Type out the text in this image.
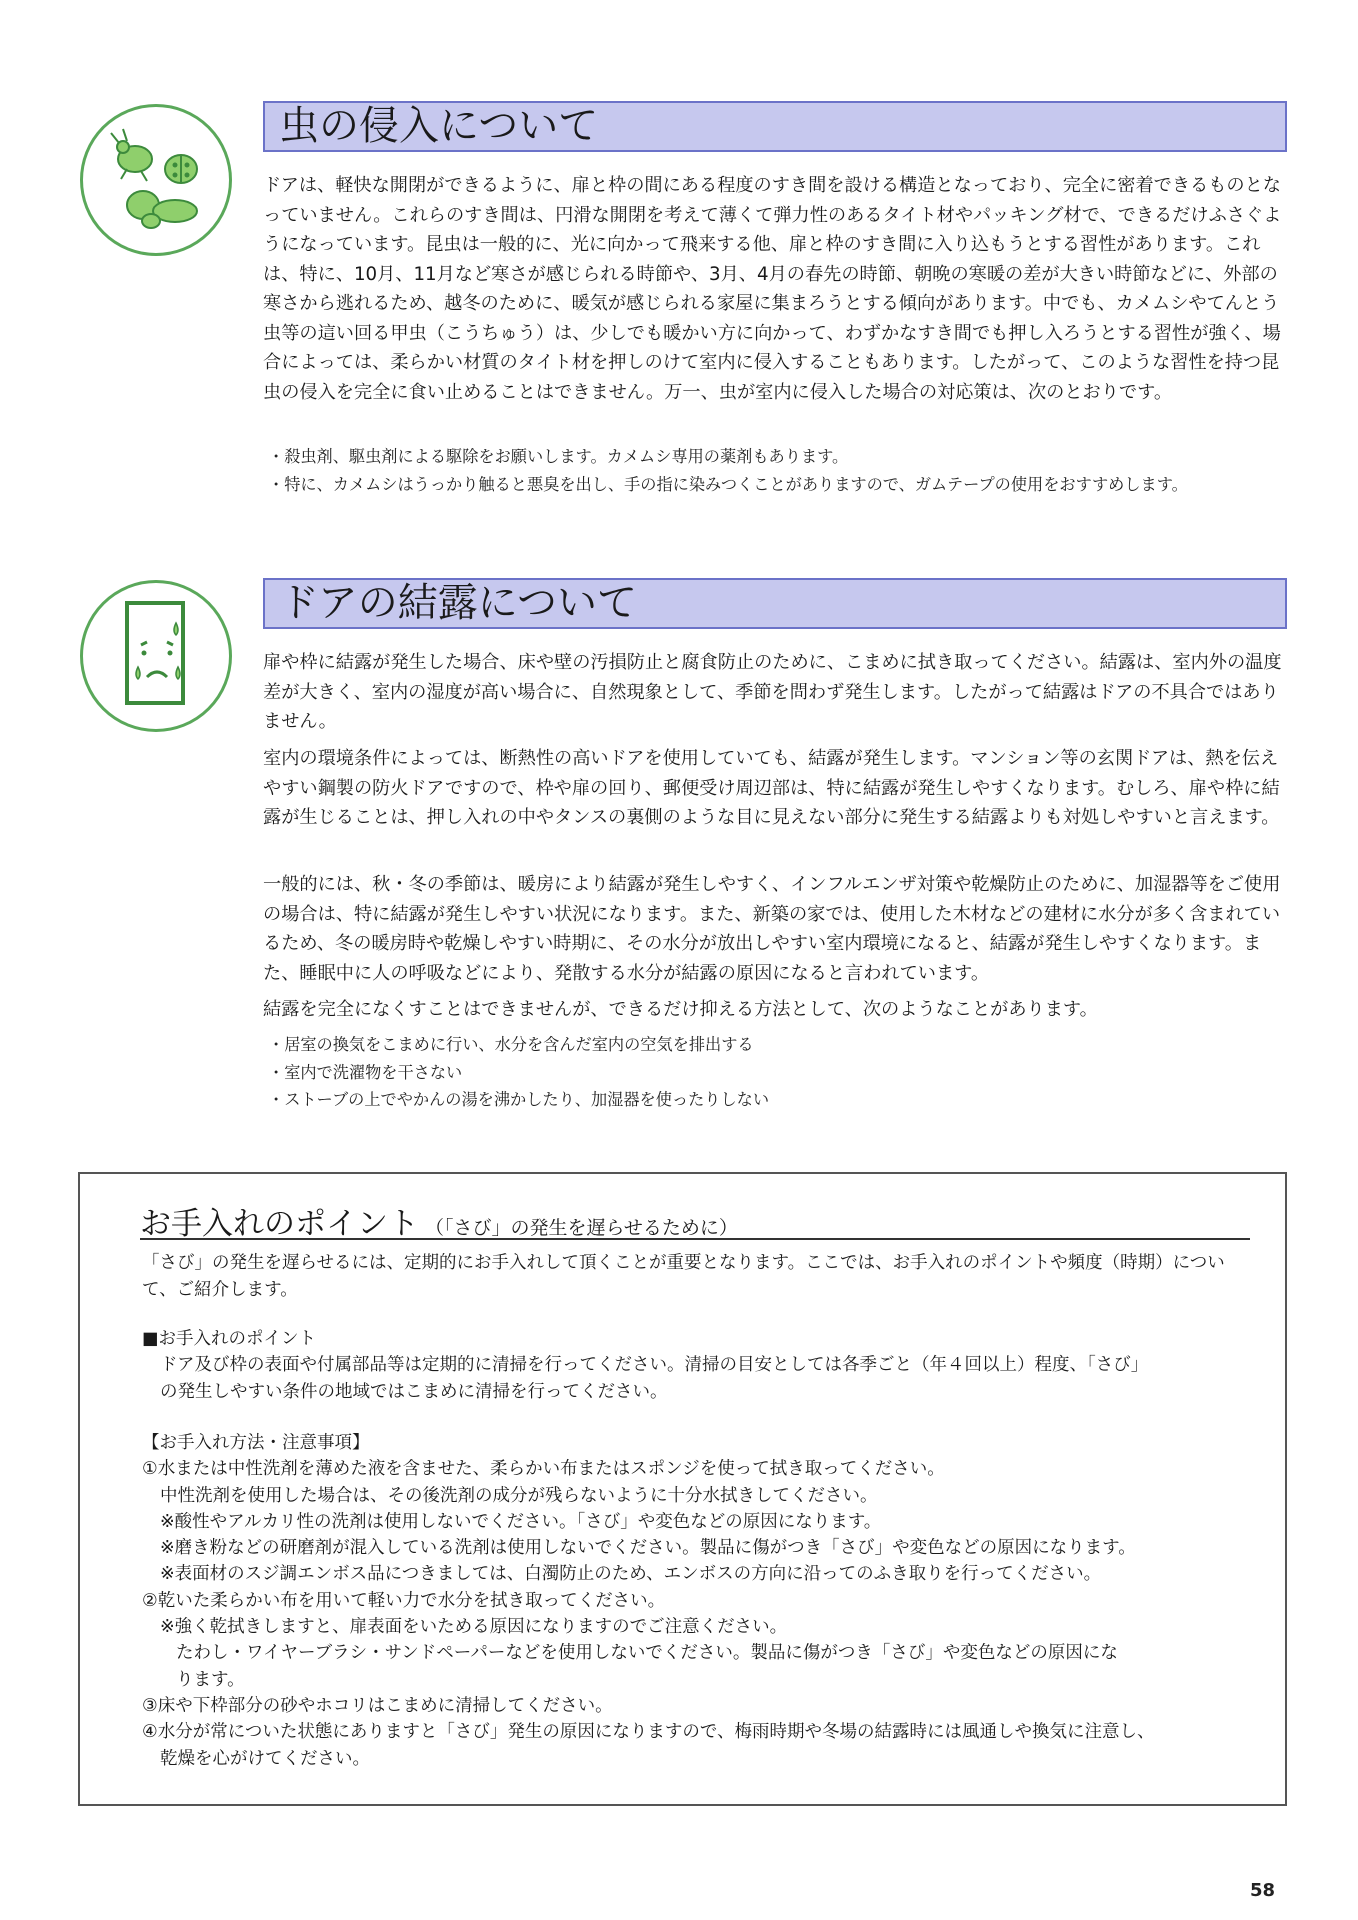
虫の侵入について

ドアは、軽快な開閉ができるように、扉と枠の間にある程度のすき間を設ける構造となっており、完全に密着できるものとなっていません。これらのすき間は、円滑な開閉を考えて薄くて弾力性のあるタイト材やパッキング材で、できるだけふさぐようになっています。昆虫は一般的に、光に向かって飛来する他、扉と枠のすき間に入り込もうとする習性があります。これは、特に、10月、11月など寒さが感じられる時節や、3月、4月の春先の時節、朝晩の寒暖の差が大きい時節などに、外部の寒さから逃れるため、越冬のために、暖気が感じられる家屋に集まろうとする傾向があります。中でも、カメムシやてんとう虫等の這い回る甲虫（こうちゅう）は、少しでも暖かい方に向かって、わずかなすき間でも押し入ろうとする習性が強く、場合によっては、柔らかい材質のタイト材を押しのけて室内に侵入することもあります。したがって、このような習性を持つ昆虫の侵入を完全に食い止めることはできません。万一、虫が室内に侵入した場合の対応策は、次のとおりです。

・ 殺虫剤、駆虫剤による駆除をお願いします。カメムシ専用の薬剤もあります。
・ 特に、カメムシはうっかり触ると悪臭を出し、手の指に染みつくことがありますので、ガムテープの使用をおすすめします。
ドアの結露について

扉や枠に結露が発生した場合、床や壁の汚損防止と腐食防止のために、こまめに拭き取ってください。結露は、室内外の温度差が大きく、室内の湿度が高い場合に、自然現象として、季節を問わず発生します。したがって結露はドアの不具合ではありません。

室内の環境条件によっては、断熱性の高いドアを使用していても、結露が発生します。マンション等の玄関ドアは、熱を伝えやすい鋼製の防火ドアですので、枠や扉の回り、郵便受け周辺部は、特に結露が発生しやすくなります。むしろ、扉や枠に結露が生じることは、押し入れの中やタンスの裏側のような目に見えない部分に発生する結露よりも対処しやすいと言えます。

一般的には、秋・冬の季節は、暖房により結露が発生しやすく、インフルエンザ対策や乾燥防止のために、加湿器等をご使用の場合は、特に結露が発生しやすい状況になります。また、新築の家では、使用した木材などの建材に水分が多く含まれているため、冬の暖房時や乾燥しやすい時期に、その水分が放出しやすい室内環境になると、結露が発生しやすくなります。また、睡眠中に人の呼吸などにより、発散する水分が結露の原因になると言われています。

結露を完全になくすことはできませんが、できるだけ抑える方法として、次のようなことがあります。

・ 居室の換気をこまめに行い、水分を含んだ室内の空気を排出する
・ 室内で洗濯物を干さない
・ ストーブの上でやかんの湯を沸かしたり、加湿器を使ったりしない
お手入れのポイント （「さび」の発生を遅らせるために）

「さび」の発生を遅らせるには、定期的にお手入れして頂くことが重要となります。ここでは、お手入れのポイントや頻度（時期）について、ご紹介します。

■お手入れのポイント
ドア及び枠の表面や付属部品等は定期的に清掃を行ってください。清掃の目安としては各季ごと（年４回以上）程度、「さび」
の発生しやすい条件の地域ではこまめに清掃を行ってください。
【お手入れ方法・注意事項】
①水または中性洗剤を薄めた液を含ませた、柔らかい布またはスポンジを使って拭き取ってください。
中性洗剤を使用した場合は、その後洗剤の成分が残らないように十分水拭きしてください。
※酸性やアルカリ性の洗剤は使用しないでください。「さび」や変色などの原因になります。
※磨き粉などの研磨剤が混入している洗剤は使用しないでください。製品に傷がつき「さび」や変色などの原因になります。
※表面材のスジ調エンボス品につきましては、白濁防止のため、エンボスの方向に沿ってのふき取りを行ってください。
②乾いた柔らかい布を用いて軽い力で水分を拭き取ってください。
※強く乾拭きしますと、扉表面をいためる原因になりますのでご注意ください。
たわし・ワイヤーブラシ・サンドペーパーなどを使用しないでください。製品に傷がつき「さび」や変色などの原因にな
ります。
③床や下枠部分の砂やホコリはこまめに清掃してください。
④水分が常についた状態にありますと「さび」発生の原因になりますので、梅雨時期や冬場の結露時には風通しや換気に注意し、
乾燥を心がけてください。
58
